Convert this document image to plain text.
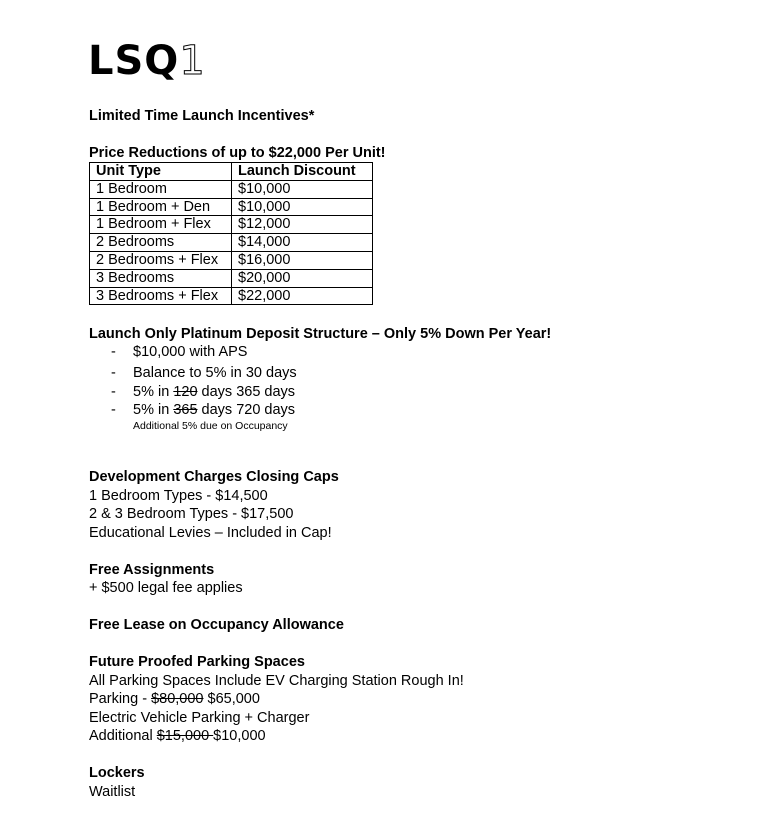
LSQ1
Limited Time Launch Incentives*
Price Reductions of up to $22,000 Per Unit!
Unit Type	Launch Discount
1 Bedroom	$10,000
1 Bedroom + Den	$10,000
1 Bedroom + Flex	$12,000
2 Bedrooms	$14,000
2 Bedrooms + Flex	$16,000
3 Bedrooms	$20,000
3 Bedrooms + Flex	$22,000
Launch Only Platinum Deposit Structure – Only 5% Down Per Year!
- $10,000 with APS
- Balance to 5% in 30 days
- 5% in 120 days 365 days
- 5% in 365 days 720 days
Additional 5% due on Occupancy
Development Charges Closing Caps
1 Bedroom Types - $14,500
2 & 3 Bedroom Types - $17,500
Educational Levies – Included in Cap!
Free Assignments
+ $500 legal fee applies
Free Lease on Occupancy Allowance
Future Proofed Parking Spaces
All Parking Spaces Include EV Charging Station Rough In!
Parking - $80,000 $65,000
Electric Vehicle Parking + Charger
Additional $15,000 $10,000
Lockers
Waitlist
